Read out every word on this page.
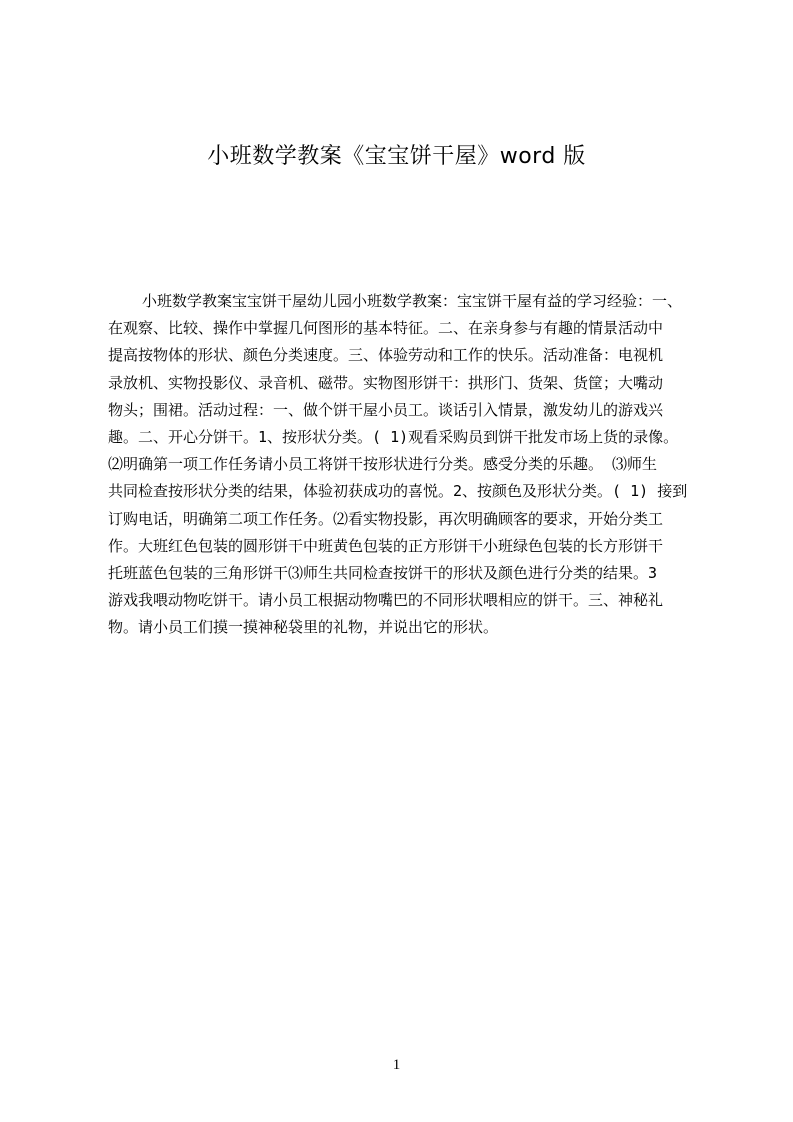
小班数学教案《宝宝饼干屋》word 版
小班数学教案宝宝饼干屋幼儿园小班数学教案：宝宝饼干屋有益的学习经验：一、
在观察、比较、操作中掌握几何图形的基本特征。二、在亲身参与有趣的情景活动中
提高按物体的形状、颜色分类速度。三、体验劳动和工作的快乐。活动准备：电视机
录放机、实物投影仪、录音机、磁带。实物图形饼干：拱形门、货架、货筐；大嘴动
物头；围裙。活动过程：一、做个饼干屋小员工。谈话引入情景，激发幼儿的游戏兴
趣。二、开心分饼干。1、按形状分类。( 1)观看采购员到饼干批发市场上货的录像。
⑵明确第一项工作任务请小员工将饼干按形状进行分类。感受分类的乐趣。 ⑶师生
共同检查按形状分类的结果，体验初获成功的喜悦。2、按颜色及形状分类。( 1) 接到
订购电话，明确第二项工作任务。⑵看实物投影，再次明确顾客的要求，开始分类工
作。大班红色包装的圆形饼干中班黄色包装的正方形饼干小班绿色包装的长方形饼干
托班蓝色包装的三角形饼干⑶师生共同检查按饼干的形状及颜色进行分类的结果。3
游戏我喂动物吃饼干。请小员工根据动物嘴巴的不同形状喂相应的饼干。三、神秘礼
物。请小员工们摸一摸神秘袋里的礼物，并说出它的形状。
1
